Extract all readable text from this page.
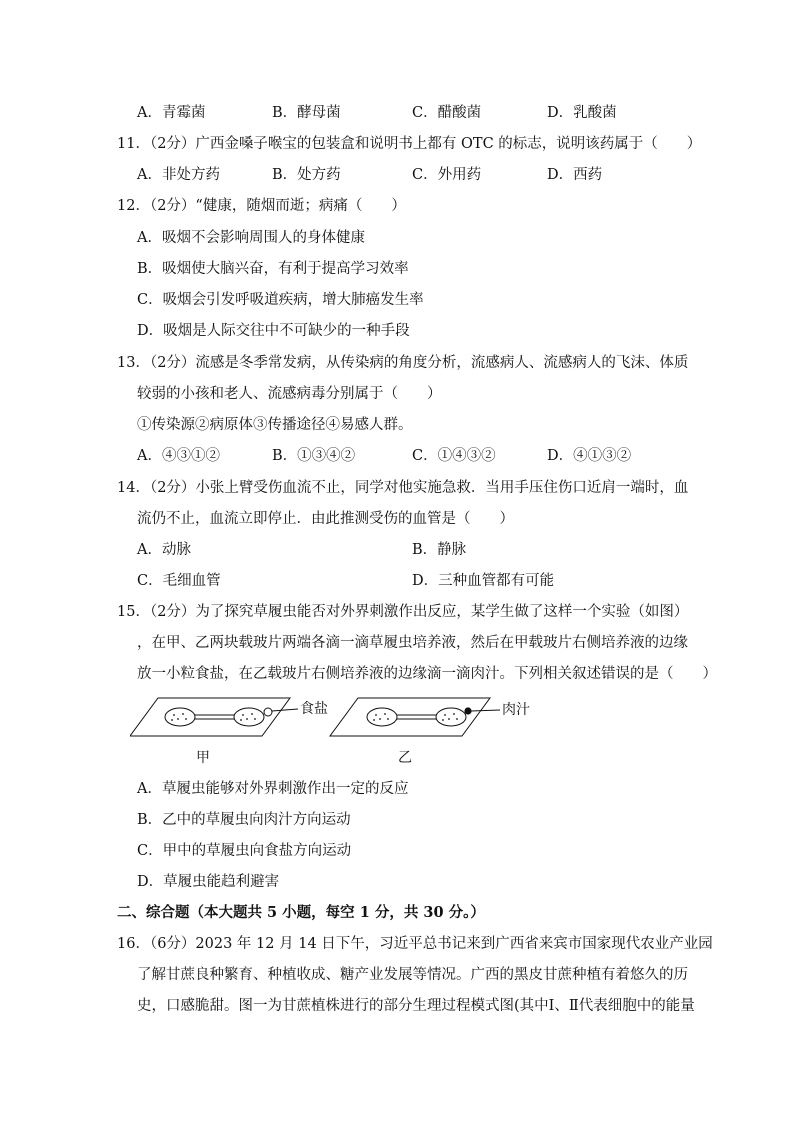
A．青霉菌	B．酵母菌	C．醋酸菌	D．乳酸菌
11．（2分）广西金嗓子喉宝的包装盒和说明书上都有 OTC 的标志，说明该药属于（　　）
A．非处方药	B．处方药	C．外用药	D．西药
12．（2分）“健康，随烟而逝；病痛（　　）
A．吸烟不会影响周围人的身体健康
B．吸烟使大脑兴奋，有利于提高学习效率
C．吸烟会引发呼吸道疾病，增大肺癌发生率
D．吸烟是人际交往中不可缺少的一种手段
13．（2分）流感是冬季常发病，从传染病的角度分析，流感病人、流感病人的飞沫、体质
较弱的小孩和老人、流感病毒分别属于（　　）
①传染源②病原体③传播途径④易感人群。
A．④③①②	B．①③④②	C．①④③②	D．④①③②
14．（2分）小张上臂受伤血流不止，同学对他实施急救．当用手压住伤口近肩一端时，血
流仍不止，血流立即停止．由此推测受伤的血管是（　　）
A．动脉	B．静脉
C．毛细血管	D．三种血管都有可能
15．（2分）为了探究草履虫能否对外界刺激作出反应，某学生做了这样一个实验（如图）
，在甲、乙两块载玻片两端各滴一滴草履虫培养液，然后在甲载玻片右侧培养液的边缘
放一小粒食盐，在乙载玻片右侧培养液的边缘滴一滴肉汁。下列相关叙述错误的是（　　）
食盐	肉汁
甲	乙
A．草履虫能够对外界刺激作出一定的反应
B．乙中的草履虫向肉汁方向运动
C．甲中的草履虫向食盐方向运动
D．草履虫能趋利避害
二、综合题（本大题共 5 小题，每空 1 分，共 30 分。）
16．（6分）2023 年 12 月 14 日下午，习近平总书记来到广西省来宾市国家现代农业产业园
了解甘蔗良种繁育、种植收成、糖产业发展等情况。广西的黑皮甘蔗种植有着悠久的历
史，口感脆甜。图一为甘蔗植株进行的部分生理过程模式图(其中Ⅰ、Ⅱ代表细胞中的能量
